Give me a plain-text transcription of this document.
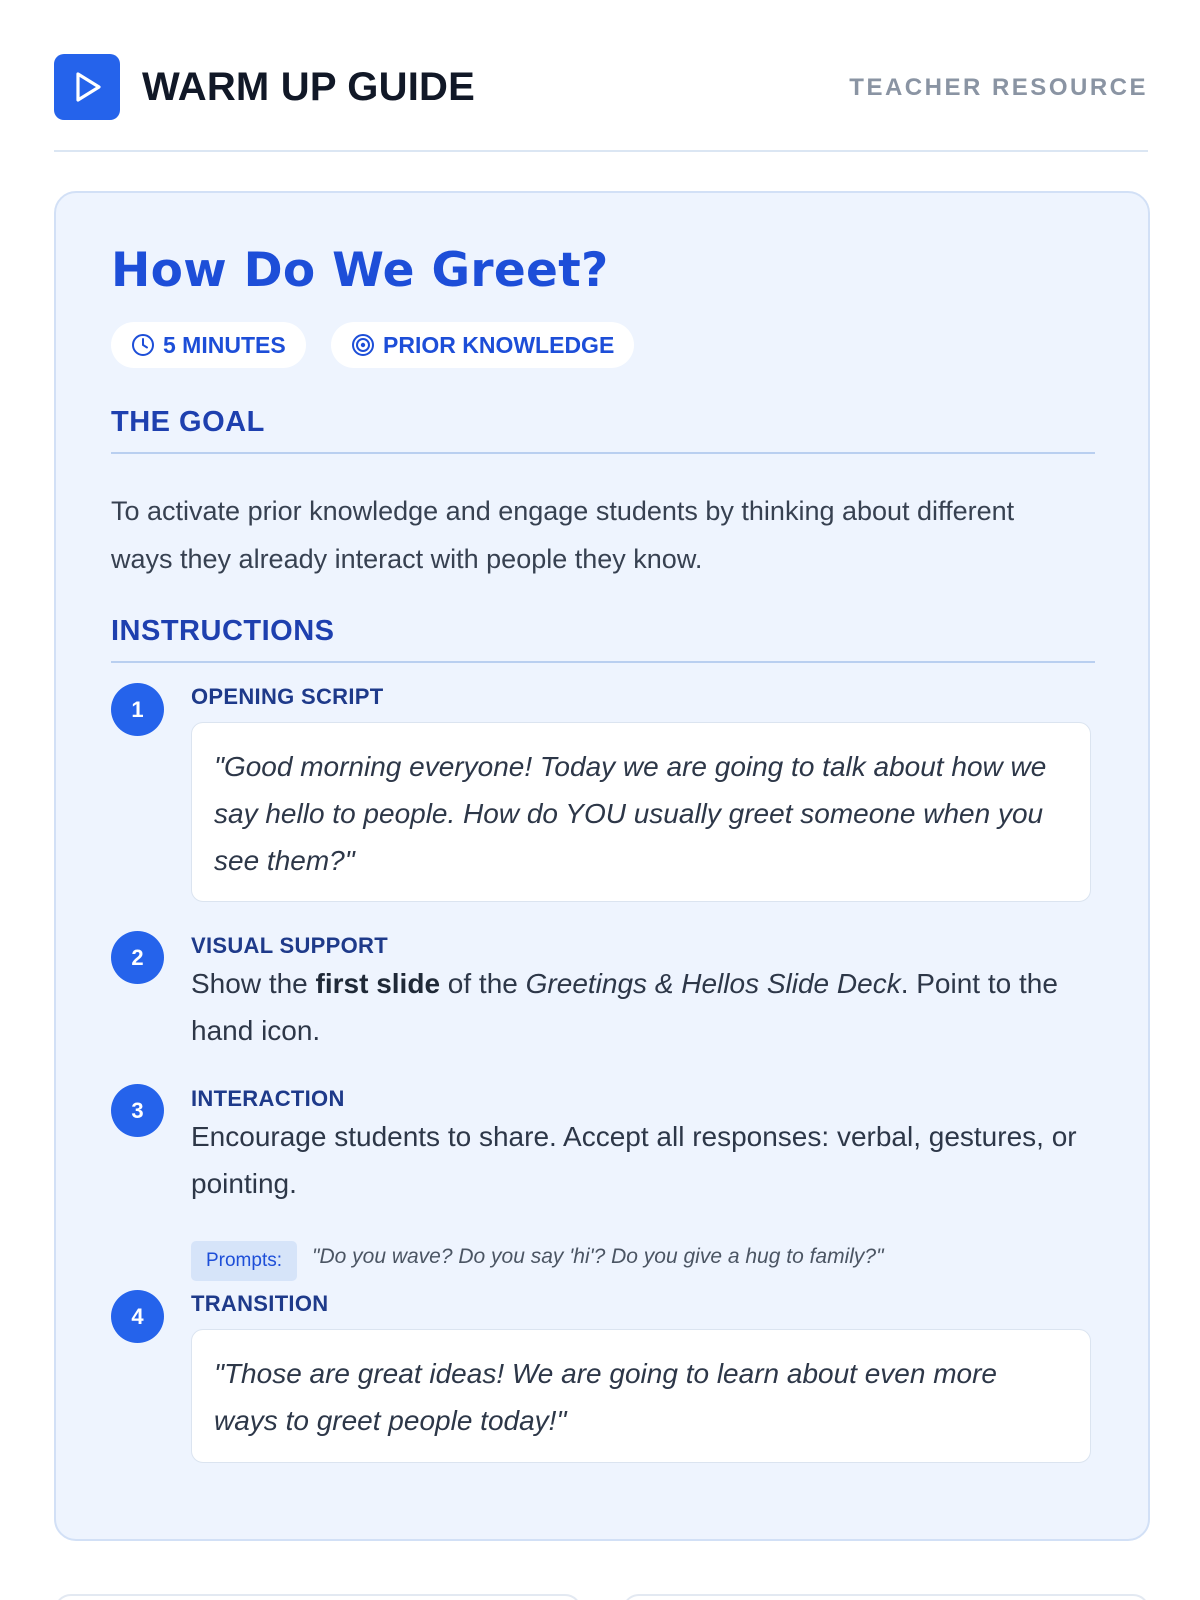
WARM UP GUIDE	TEACHER RESOURCE
How Do We Greet?
5 MINUTES	PRIOR KNOWLEDGE
THE GOAL
To activate prior knowledge and engage students by thinking about different ways they already interact with people they know.
INSTRUCTIONS
1	OPENING SCRIPT
"Good morning everyone! Today we are going to talk about how we say hello to people. How do YOU usually greet someone when you see them?"
2	VISUAL SUPPORT
Show the first slide of the Greetings & Hellos Slide Deck. Point to the hand icon.
3	INTERACTION
Encourage students to share. Accept all responses: verbal, gestures, or pointing.
Prompts:	"Do you wave? Do you say 'hi'? Do you give a hug to family?"
4	TRANSITION
"Those are great ideas! We are going to learn about even more ways to greet people today!"
